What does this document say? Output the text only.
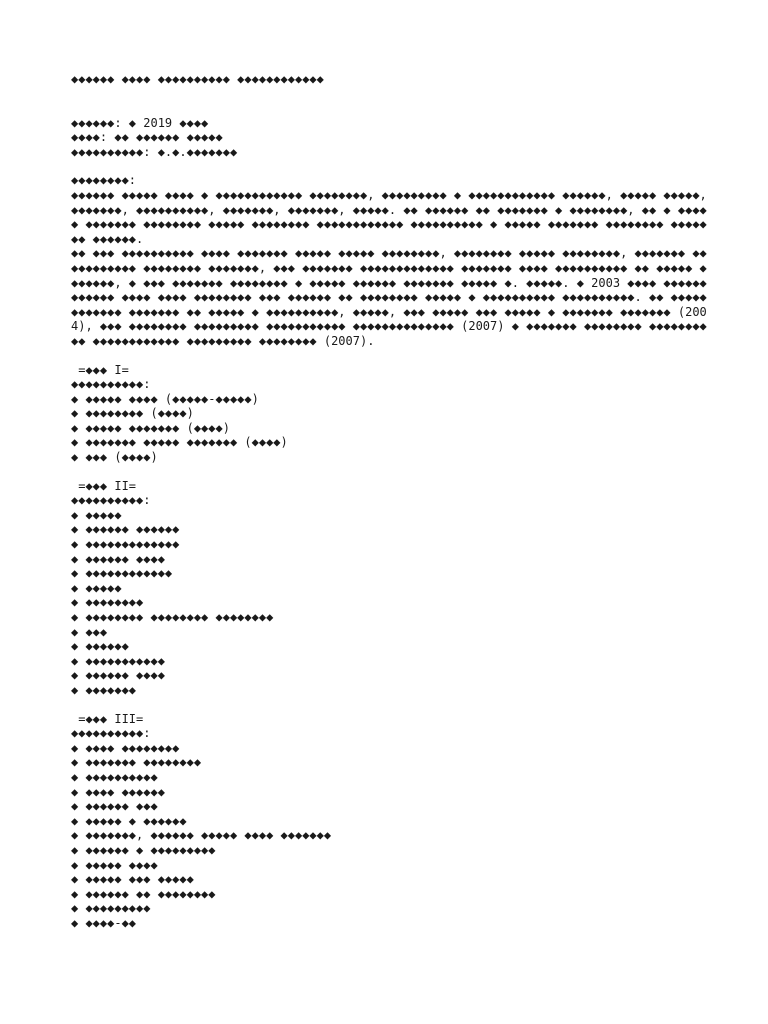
◆◆◆◆◆◆ ◆◆◆◆ ◆◆◆◆◆◆◆◆◆◆ ◆◆◆◆◆◆◆◆◆◆◆◆
◆◆◆◆◆◆: ◆ 2019 ◆◆◆◆
◆◆◆◆: ◆◆ ◆◆◆◆◆◆ ◆◆◆◆◆
◆◆◆◆◆◆◆◆◆◆: ◆.◆.◆◆◆◆◆◆◆
◆◆◆◆◆◆◆◆:
◆◆◆◆◆◆ ◆◆◆◆◆ ◆◆◆◆ ◆ ◆◆◆◆◆◆◆◆◆◆◆◆ ◆◆◆◆◆◆◆◆, ◆◆◆◆◆◆◆◆◆ ◆ ◆◆◆◆◆◆◆◆◆◆◆◆ ◆◆◆◆◆◆, ◆◆◆◆◆ ◆◆◆◆◆, ◆◆◆◆◆◆◆, ◆◆◆◆◆◆◆◆◆◆, ◆◆◆◆◆◆◆, ◆◆◆◆◆◆◆, ◆◆◆◆◆. ◆◆ ◆◆◆◆◆◆ ◆◆ ◆◆◆◆◆◆◆ ◆ ◆◆◆◆◆◆◆◆, ◆◆ ◆ ◆◆◆◆◆ ◆◆◆◆◆◆◆ ◆◆◆◆◆◆◆◆ ◆◆◆◆◆ ◆◆◆◆◆◆◆◆ ◆◆◆◆◆◆◆◆◆◆◆◆ ◆◆◆◆◆◆◆◆◆◆ ◆ ◆◆◆◆◆ ◆◆◆◆◆◆◆ ◆◆◆◆◆◆◆◆ ◆◆◆◆◆◆◆ ◆◆◆◆◆◆.
◆◆ ◆◆◆ ◆◆◆◆◆◆◆◆◆◆ ◆◆◆◆ ◆◆◆◆◆◆◆ ◆◆◆◆◆ ◆◆◆◆◆ ◆◆◆◆◆◆◆◆, ◆◆◆◆◆◆◆◆ ◆◆◆◆◆ ◆◆◆◆◆◆◆◆, ◆◆◆◆◆◆◆ ◆◆◆◆◆◆◆◆◆◆◆ ◆◆◆◆◆◆◆◆ ◆◆◆◆◆◆◆, ◆◆◆ ◆◆◆◆◆◆◆ ◆◆◆◆◆◆◆◆◆◆◆◆◆ ◆◆◆◆◆◆◆ ◆◆◆◆ ◆◆◆◆◆◆◆◆◆◆ ◆◆ ◆◆◆◆◆ ◆◆◆◆◆◆◆, ◆ ◆◆◆ ◆◆◆◆◆◆◆ ◆◆◆◆◆◆◆◆ ◆ ◆◆◆◆◆ ◆◆◆◆◆◆ ◆◆◆◆◆◆◆ ◆◆◆◆◆ ◆. ◆◆◆◆◆. ◆ 2003 ◆◆◆◆ ◆◆◆◆◆◆◆◆◆◆◆◆ ◆◆◆◆ ◆◆◆◆ ◆◆◆◆◆◆◆◆ ◆◆◆ ◆◆◆◆◆◆ ◆◆ ◆◆◆◆◆◆◆◆ ◆◆◆◆◆ ◆ ◆◆◆◆◆◆◆◆◆◆ ◆◆◆◆◆◆◆◆◆◆. ◆◆ ◆◆◆◆◆ ◆◆◆◆◆◆◆ ◆◆◆◆◆◆◆ ◆◆ ◆◆◆◆◆ ◆ ◆◆◆◆◆◆◆◆◆◆, ◆◆◆◆◆, ◆◆◆ ◆◆◆◆◆ ◆◆◆ ◆◆◆◆◆ ◆ ◆◆◆◆◆◆◆ ◆◆◆◆◆◆◆ (2004), ◆◆◆ ◆◆◆◆◆◆◆◆ ◆◆◆◆◆◆◆◆◆ ◆◆◆◆◆◆◆◆◆◆◆ ◆◆◆◆◆◆◆◆◆◆◆◆◆◆ (2007) ◆ ◆◆◆◆◆◆◆ ◆◆◆◆◆◆◆◆ ◆◆◆◆◆◆◆◆ ◆◆ ◆◆◆◆◆◆◆◆◆◆◆◆ ◆◆◆◆◆◆◆◆◆ ◆◆◆◆◆◆◆◆ (2007).
=◆◆◆ I=
◆◆◆◆◆◆◆◆◆◆:
◆ ◆◆◆◆◆ ◆◆◆◆ (◆◆◆◆◆-◆◆◆◆◆)
◆ ◆◆◆◆◆◆◆◆ (◆◆◆◆)
◆ ◆◆◆◆◆ ◆◆◆◆◆◆◆ (◆◆◆◆)
◆ ◆◆◆◆◆◆◆ ◆◆◆◆◆ ◆◆◆◆◆◆◆ (◆◆◆◆)
◆ ◆◆◆ (◆◆◆◆)
=◆◆◆ II=
◆◆◆◆◆◆◆◆◆◆:
◆ ◆◆◆◆◆
◆ ◆◆◆◆◆◆ ◆◆◆◆◆◆
◆ ◆◆◆◆◆◆◆◆◆◆◆◆◆
◆ ◆◆◆◆◆◆ ◆◆◆◆
◆ ◆◆◆◆◆◆◆◆◆◆◆◆
◆ ◆◆◆◆◆
◆ ◆◆◆◆◆◆◆◆
◆ ◆◆◆◆◆◆◆◆ ◆◆◆◆◆◆◆◆ ◆◆◆◆◆◆◆◆
◆ ◆◆◆
◆ ◆◆◆◆◆◆
◆ ◆◆◆◆◆◆◆◆◆◆◆
◆ ◆◆◆◆◆◆ ◆◆◆◆
◆ ◆◆◆◆◆◆◆
=◆◆◆ III=
◆◆◆◆◆◆◆◆◆◆:
◆ ◆◆◆◆ ◆◆◆◆◆◆◆◆
◆ ◆◆◆◆◆◆◆ ◆◆◆◆◆◆◆◆
◆ ◆◆◆◆◆◆◆◆◆◆
◆ ◆◆◆◆ ◆◆◆◆◆◆
◆ ◆◆◆◆◆◆ ◆◆◆
◆ ◆◆◆◆◆ ◆ ◆◆◆◆◆◆
◆ ◆◆◆◆◆◆◆, ◆◆◆◆◆◆ ◆◆◆◆◆ ◆◆◆◆ ◆◆◆◆◆◆◆
◆ ◆◆◆◆◆◆ ◆ ◆◆◆◆◆◆◆◆◆
◆ ◆◆◆◆◆ ◆◆◆◆
◆ ◆◆◆◆◆ ◆◆◆ ◆◆◆◆◆
◆ ◆◆◆◆◆◆ ◆◆ ◆◆◆◆◆◆◆◆
◆ ◆◆◆◆◆◆◆◆◆
◆ ◆◆◆◆-◆◆
